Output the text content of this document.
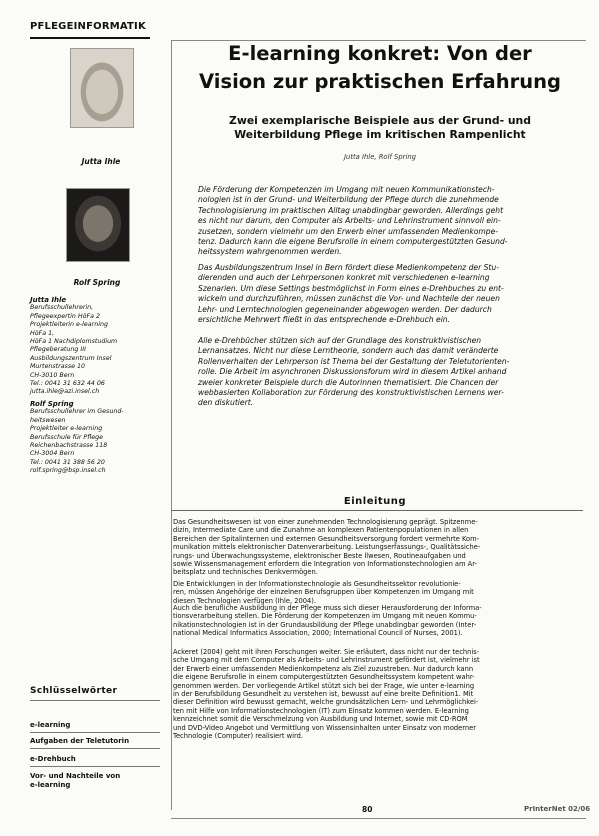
PFLEGEINFORMATIK
Jutta Ihle
Rolf Spring
E-learning konkret: Von der
Vision zur praktischen Erfahrung
Zwei exemplarische Beispiele aus der Grund- und
Weiterbildung Pflege im kritischen Rampenlicht
Jutta Ihle, Rolf Spring
Jutta Ihle
Berufsschullehrerin,
Pflegeexpertin HöFa 2
Projektleiterin e-learning
HöFa 1,
HöFa 1 Nachdiplomstudium
Pflegeberatung III
Ausbildungszentrum Insel
Murtenstrasse 10
CH-3010 Bern
Tel.: 0041 31 632 44 06
jutta.ihle@azi.insel.ch
Rolf Spring
Berufsschullehrer im Gesund-
heitswesen
Projektleiter e-learning
Berufsschule für Pflege
Reichenbachstrasse 118
CH-3004 Bern
Tel.: 0041 31 388 56 20
rolf.spring@bsp.insel.ch
Die Förderung der Kompetenzen im Umgang mit neuen Kommunikationstech-
nologien ist in der Grund- und Weiterbildung der Pflege durch die zunehmende
Technologisierung im praktischen Alltag unabdingbar geworden. Allerdings geht
es nicht nur darum, den Computer als Arbeits- und Lehrinstrument sinnvoll ein-
zusetzen, sondern vielmehr um den Erwerb einer umfassenden Medienkompe-
tenz. Dadurch kann die eigene Berufsrolle in einem computergestützten Gesund-
heitssystem wahrgenommen werden.
Das Ausbildungszentrum Insel in Bern fördert diese Medienkompetenz der Stu-
dierenden und auch der Lehrpersonen konkret mit verschiedenen e-learning
Szenarien. Um diese Settings bestmöglichst in Form eines e-Drehbuches zu ent-
wickeln und durchzuführen, müssen zunächst die Vor- und Nachteile der neuen
Lehr- und Lerntechnologien gegeneinander abgewogen werden. Der dadurch
ersichtliche Mehrwert fließt in das entsprechende e-Drehbuch ein.
Alle e-Drehbücher stützen sich auf der Grundlage des konstruktivistischen
Lernansatzes. Nicht nur diese Lerntheorie, sondern auch das damit veränderte
Rollenverhalten der Lehrperson ist Thema bei der Gestaltung der Teletutorienten-
rolle. Die Arbeit im asynchronen Diskussionsforum wird in diesem Artikel anhand
zweier konkreter Beispiele durch die Autorinnen thematisiert. Die Chancen der
webbasierten Kollaboration zur Förderung des konstruktivistischen Lernens wer-
den diskutiert.
Einleitung
Das Gesundheitswesen ist von einer zunehmenden Technologisierung geprägt. Spitzenme-
dizin, Intermediate Care und die Zunahme an komplexen Patientenpopulationen in allen
Bereichen der Spitalinternen und externen Gesundheitsversorgung fordert vermehrte Kom-
munikation mittels elektronischer Datenverarbeitung. Leistungserfassungs-, Qualitätssiche-
rungs- und Überwachungssysteme, elektronischer Beste llwesen, Routineaufgaben und
sowie Wissensmanagement erfordern die Integration von Informationstechnologien am Ar-
beitsplatz und technisches Denkvermögen.
Die Entwicklungen in der Informationstechnologie als Gesundheitssektor revolutionie-
ren, müssen Angehörige der einzelnen Berufsgruppen über Kompetenzen im Umgang mit
diesen Technologien verfügen (Ihle, 2004).
Auch die berufliche Ausbildung in der Pflege muss sich dieser Herausforderung der Informa-
tionsverarbeitung stellen. Die Förderung der Kompetenzen im Umgang mit neuen Kommu-
nikationstechnologien ist in der Grundausbildung der Pflege unabdingbar geworden (Inter-
national Medical Informatics Association, 2000; International Council of Nurses, 2001).
Ackeret (2004) geht mit ihren Forschungen weiter. Sie erläutert, dass nicht nur der technis-
sche Umgang mit dem Computer als Arbeits- und Lehrinstrument gefördert ist, vielmehr ist
der Erwerb einer umfassenden Medienkompetenz als Ziel zuzustreben. Nur dadurch kann
die eigene Berufsrolle in einem computergestützten Gesundheitssystem kompetent wahr-
genommen werden. Der vorliegende Artikel stützt sich bei der Frage, wie unter e-learning
in der Berufsbildung Gesundheit zu verstehen ist, bewusst auf eine breite Definition1. Mit
dieser Definition wird bewusst gemacht, welche grundsätzlichen Lern- und Lehrmöglichkei-
ten mit Hilfe von Informationstechnologien (IT) zum Einsatz kommen werden. E-learning
kennzeichnet somit die Verschmelzung von Ausbildung und Internet, sowie mit CD-ROM
und DVD-Video Angebot und Vermittlung von Wissensinhalten unter Einsatz von moderner
Technologie (Computer) realisiert wird.
Schlüsselwörter
e-learning
Aufgaben der Teletutorin
e-Drehbuch
Vor- und Nachteile von
e-learning
80	PrInterNet 02/06
